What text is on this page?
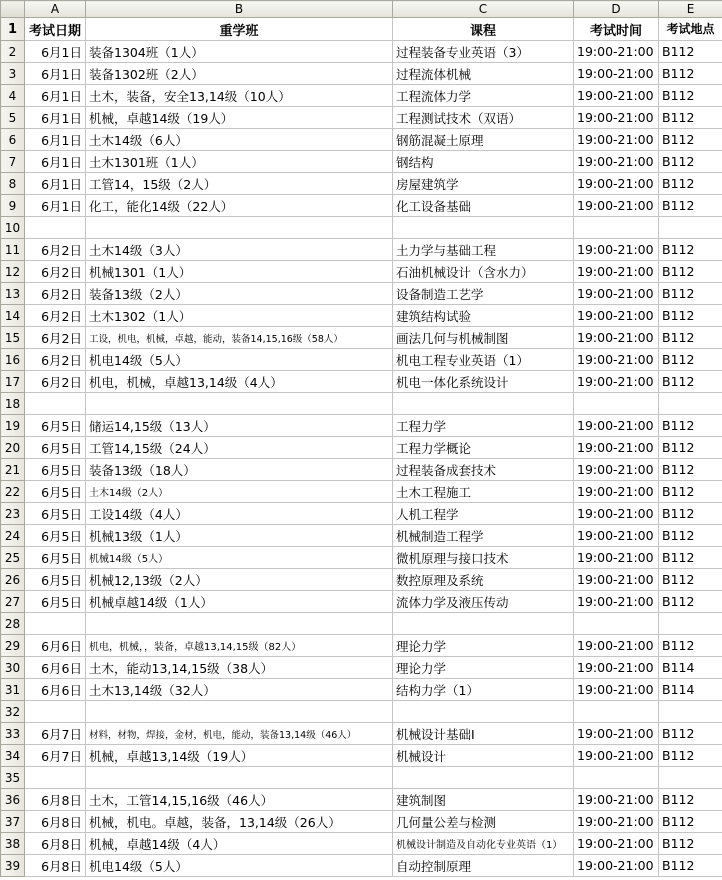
	A	B	C	D	E
1	考试日期	重学班	课程	考试时间	考试地点
2	6月1日	装备1304班（1人）	过程装备专业英语（3）	19:00-21:00	B112
3	6月1日	装备1302班（2人）	过程流体机械	19:00-21:00	B112
4	6月1日	土木，装备，安全13,14级（10人）	工程流体力学	19:00-21:00	B112
5	6月1日	机械，卓越14级（19人）	工程测试技术（双语）	19:00-21:00	B112
6	6月1日	土木14级（6人）	钢筋混凝土原理	19:00-21:00	B112
7	6月1日	土木1301班（1人）	钢结构	19:00-21:00	B112
8	6月1日	工管14，15级（2人）	房屋建筑学	19:00-21:00	B112
9	6月1日	化工，能化14级（22人）	化工设备基础	19:00-21:00	B112
10					
11	6月2日	土木14级（3人）	土力学与基础工程	19:00-21:00	B112
12	6月2日	机械1301（1人）	石油机械设计（含水力）	19:00-21:00	B112
13	6月2日	装备13级（2人）	设备制造工艺学	19:00-21:00	B112
14	6月2日	土木1302（1人）	建筑结构试验	19:00-21:00	B112
15	6月2日	工设，机电，机械，卓越，能动，装备14,15,16级（58人）	画法几何与机械制图	19:00-21:00	B112
16	6月2日	机电14级（5人）	机电工程专业英语（1）	19:00-21:00	B112
17	6月2日	机电，机械，卓越13,14级（4人）	机电一体化系统设计	19:00-21:00	B112
18					
19	6月5日	储运14,15级（13人）	工程力学	19:00-21:00	B112
20	6月5日	工管14,15级（24人）	工程力学概论	19:00-21:00	B112
21	6月5日	装备13级（18人）	过程装备成套技术	19:00-21:00	B112
22	6月5日	土木14级（2人）	土木工程施工	19:00-21:00	B112
23	6月5日	工设14级（4人）	人机工程学	19:00-21:00	B112
24	6月5日	机械13级（1人）	机械制造工程学	19:00-21:00	B112
25	6月5日	机械14级（5人）	微机原理与接口技术	19:00-21:00	B112
26	6月5日	机械12,13级（2人）	数控原理及系统	19:00-21:00	B112
27	6月5日	机械卓越14级（1人）	流体力学及液压传动	19:00-21:00	B112
28					
29	6月6日	机电，机械，，装备，卓越13,14,15级（82人）	理论力学	19:00-21:00	B112
30	6月6日	土木，能动13,14,15级（38人）	理论力学	19:00-21:00	B114
31	6月6日	土木13,14级（32人）	结构力学（1）	19:00-21:00	B114
32					
33	6月7日	材料，材物，焊接，金材，机电，能动，装备13,14级（46人）	机械设计基础I	19:00-21:00	B112
34	6月7日	机械，卓越13,14级（19人）	机械设计	19:00-21:00	B112
35					
36	6月8日	土木，工管14,15,16级（46人）	建筑制图	19:00-21:00	B112
37	6月8日	机械，机电。卓越，装备，13,14级（26人）	几何量公差与检测	19:00-21:00	B112
38	6月8日	机械，卓越14级（4人）	机械设计制造及自动化专业英语（1）	19:00-21:00	B112
39	6月8日	机电14级（5人）	自动控制原理	19:00-21:00	B112
